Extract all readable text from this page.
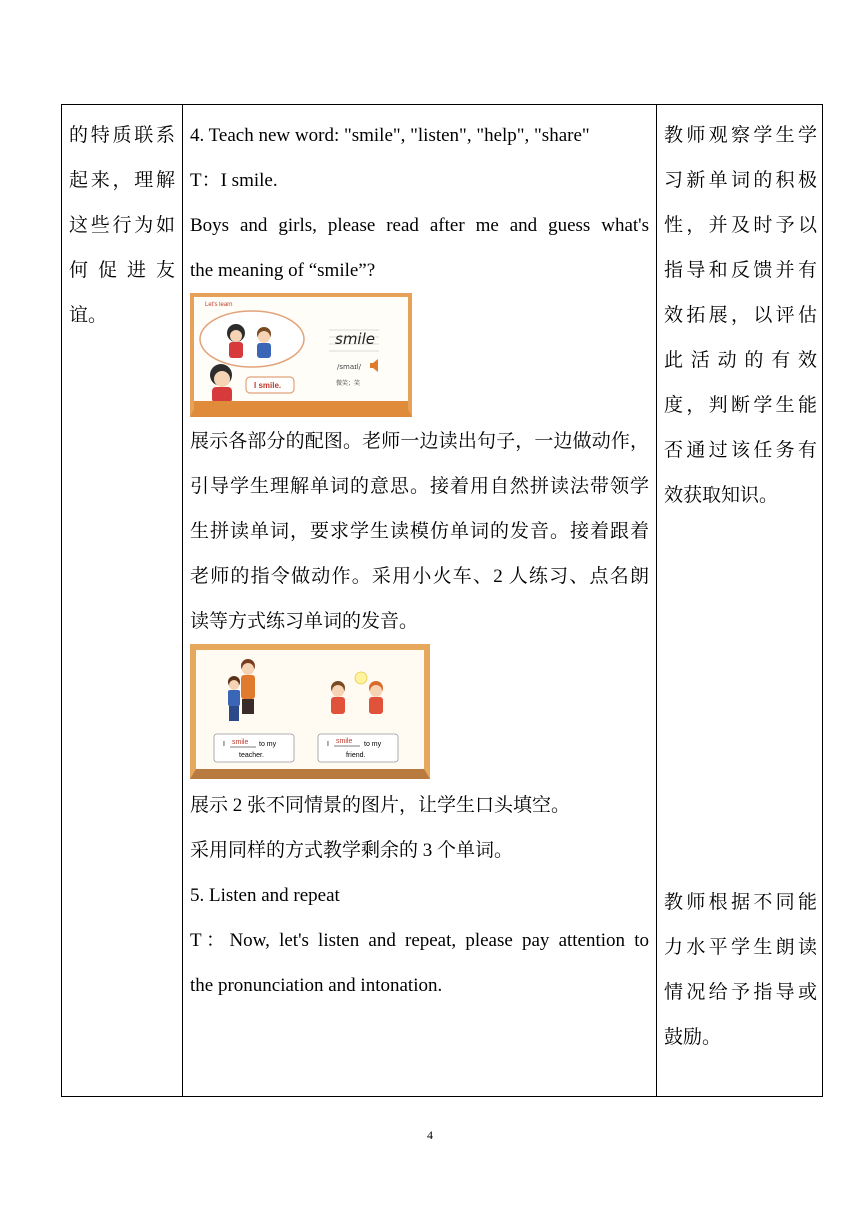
的特质联系
起来，理解
这些行为如
何促进友
谊。

4. Teach new word: "smile", "listen", "help", "share"

T：I smile.

Boys and girls, please read after me and guess what's

the meaning of “smile”?

Let's learn
I smile.
smile
/smaɪl/
微笑；笑

展示各部分的配图。老师一边读出句子，一边做动作，

引导学生理解单词的意思。接着用自然拼读法带领学

生拼读单词，要求学生读模仿单词的发音。接着跟着

老师的指令做动作。采用小火车、2 人练习、点名朗

读等方式练习单词的发音。

I smile to my
teacher.
I smile to my
friend.

展示 2 张不同情景的图片，让学生口头填空。

采用同样的方式教学剩余的 3 个单词。

5. Listen and repeat

T：Now, let's listen and repeat, please pay attention to

the pronunciation and intonation.

教师观察学生学
习新单词的积极
性，并及时予以
指导和反馈并有
效拓展，以评估
此活动的有效
度，判断学生能
否通过该任务有
效获取知识。
教师根据不同能
力水平学生朗读
情况给予指导或
鼓励。
4
